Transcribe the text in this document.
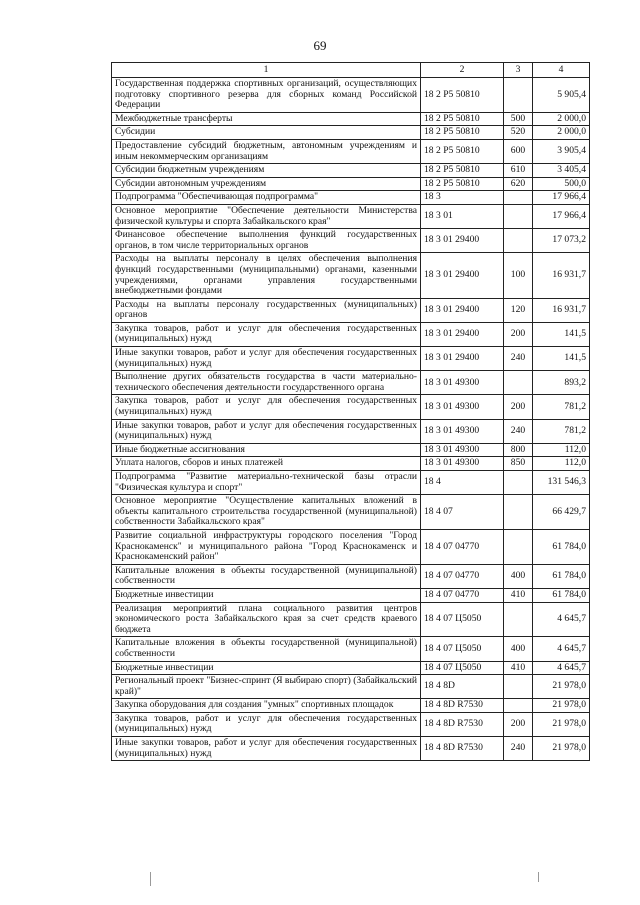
69
1	2	3	4
Государственная поддержка спортивных организаций, осуществляющих подготовку спортивного резерва для сборных команд Российской Федерации	18 2 Р5 50810		5 905,4
Межбюджетные трансферты	18 2 Р5 50810	500	2 000,0
Субсидии	18 2 Р5 50810	520	2 000,0
Предоставление субсидий бюджетным, автономным учреждениям и иным некоммерческим организациям	18 2 Р5 50810	600	3 905,4
Субсидии бюджетным учреждениям	18 2 Р5 50810	610	3 405,4
Субсидии автономным учреждениям	18 2 Р5 50810	620	500,0
Подпрограмма "Обеспечивающая подпрограмма"	18 3		17 966,4
Основное мероприятие "Обеспечение деятельности Министерства физической культуры и спорта Забайкальского края"	18 3 01		17 966,4
Финансовое обеспечение выполнения функций государственных органов, в том числе территориальных органов	18 3 01 29400		17 073,2
Расходы на выплаты персоналу в целях обеспечения выполнения функций государственными (муниципальными) органами, казенными учреждениями, органами управления государственными внебюджетными фондами	18 3 01 29400	100	16 931,7
Расходы на выплаты персоналу государственных (муниципальных) органов	18 3 01 29400	120	16 931,7
Закупка товаров, работ и услуг для обеспечения государственных (муниципальных) нужд	18 3 01 29400	200	141,5
Иные закупки товаров, работ и услуг для обеспечения государственных (муниципальных) нужд	18 3 01 29400	240	141,5
Выполнение других обязательств государства в части материально-технического обеспечения деятельности государственного органа	18 3 01 49300		893,2
Закупка товаров, работ и услуг для обеспечения государственных (муниципальных) нужд	18 3 01 49300	200	781,2
Иные закупки товаров, работ и услуг для обеспечения государственных (муниципальных) нужд	18 3 01 49300	240	781,2
Иные бюджетные ассигнования	18 3 01 49300	800	112,0
Уплата налогов, сборов и иных платежей	18 3 01 49300	850	112,0
Подпрограмма "Развитие материально-технической базы отрасли "Физическая культура и спорт"	18 4		131 546,3
Основное мероприятие "Осуществление капитальных вложений в объекты капитального строительства государственной (муниципальной) собственности Забайкальского края"	18 4 07		66 429,7
Развитие социальной инфраструктуры городского поселения "Город Краснокаменск" и муниципального района "Город Краснокаменск и Краснокаменский район"	18 4 07 04770		61 784,0
Капитальные вложения в объекты государственной (муниципальной) собственности	18 4 07 04770	400	61 784,0
Бюджетные инвестиции	18 4 07 04770	410	61 784,0
Реализация мероприятий плана социального развития центров экономического роста Забайкальского края за счет средств краевого бюджета	18 4 07 Ц5050		4 645,7
Капитальные вложения в объекты государственной (муниципальной) собственности	18 4 07 Ц5050	400	4 645,7
Бюджетные инвестиции	18 4 07 Ц5050	410	4 645,7
Региональный проект "Бизнес-спринт (Я выбираю спорт) (Забайкальский край)"	18 4 8D		21 978,0
Закупка оборудования для создания "умных" спортивных площадок	18 4 8D R7530		21 978,0
Закупка товаров, работ и услуг для обеспечения государственных (муниципальных) нужд	18 4 8D R7530	200	21 978,0
Иные закупки товаров, работ и услуг для обеспечения государственных (муниципальных) нужд	18 4 8D R7530	240	21 978,0
